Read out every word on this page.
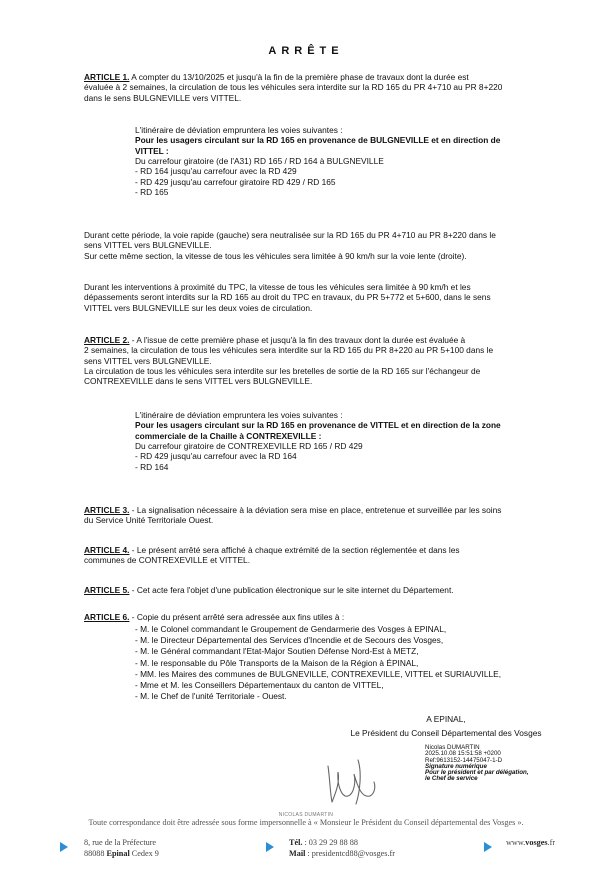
ARRÊTE

ARTICLE 1. A compter du 13/10/2025 et jusqu'à la fin de la première phase de travaux dont la durée est
évaluée à 2 semaines, la circulation de tous les véhicules sera interdite sur la RD 165 du PR 4+710 au PR 8+220
dans le sens BULGNEVILLE vers VITTEL.

L'itinéraire de déviation empruntera les voies suivantes :
Pour les usagers circulant sur la RD 165 en provenance de BULGNEVILLE et en direction de
VITTEL :
Du carrefour giratoire (de l'A31) RD 165 / RD 164 à BULGNEVILLE
- RD 164 jusqu'au carrefour avec la RD 429
- RD 429 jusqu'au carrefour giratoire RD 429 / RD 165
- RD 165

Durant cette période, la voie rapide (gauche) sera neutralisée sur la RD 165 du PR 4+710 au PR 8+220 dans le
sens VITTEL vers BULGNEVILLE.
Sur cette même section, la vitesse de tous les véhicules sera limitée à 90 km/h sur la voie lente (droite).

Durant les interventions à proximité du TPC, la vitesse de tous les véhicules sera limitée à 90 km/h et les
dépassements seront interdits sur la RD 165 au droit du TPC en travaux, du PR 5+772 et 5+600, dans le sens
VITTEL vers BULGNEVILLE sur les deux voies de circulation.

ARTICLE 2. - A l'issue de cette première phase et jusqu'à la fin des travaux dont la durée est évaluée à
2 semaines, la circulation de tous les véhicules sera interdite sur la RD 165 du PR 8+220 au PR 5+100 dans le
sens VITTEL vers BULGNEVILLE.
La circulation de tous les véhicules sera interdite sur les bretelles de sortie de la RD 165 sur l'échangeur de
CONTREXEVILLE dans le sens VITTEL vers BULGNEVILLE.

L'itinéraire de déviation empruntera les voies suivantes :
Pour les usagers circulant sur la RD 165 en provenance de VITTEL et en direction de la zone
commerciale de la Chaille à CONTREXEVILLE :
Du carrefour giratoire de CONTREXEVILLE RD 165 / RD 429
- RD 429 jusqu'au carrefour avec la RD 164
- RD 164

ARTICLE 3. - La signalisation nécessaire à la déviation sera mise en place, entretenue et surveillée par les soins
du Service Unité Territoriale Ouest.

ARTICLE 4. - Le présent arrêté sera affiché à chaque extrémité de la section réglementée et dans les
communes de CONTREXEVILLE et VITTEL.

ARTICLE 5. - Cet acte fera l'objet d'une publication électronique sur le site internet du Département.

ARTICLE 6. - Copie du présent arrêté sera adressée aux fins utiles à :

- M. le Colonel commandant le Groupement de Gendarmerie des Vosges à EPINAL,
- M. le Directeur Départemental des Services d'Incendie et de Secours des Vosges,
- M. le Général commandant l'Etat-Major Soutien Défense Nord-Est à METZ,
- M. le responsable du Pôle Transports de la Maison de la Région à ÉPINAL,
- MM. les Maires des communes de BULGNEVILLE, CONTREXEVILLE, VITTEL et SURIAUVILLE,
- Mme et M. les Conseillers Départementaux du canton de VITTEL,
- M. le Chef de l'unité Territoriale - Ouest.
A EPINAL,
Le Président du Conseil Départemental des Vosges
Nicolas DUMARTIN
2025.10.08 15:51:58 +0200
Ref:9613152-14475047-1-D
Signature numérique
Pour le président et par délégation,
le Chef de service
NICOLAS DUMARTIN
Toute correspondance doit être adressée sous forme impersonnelle à « Monsieur le Président du Conseil départemental des Vosges ».
8, rue de la Préfecture
88088 Epinal Cedex 9
Tél. : 03 29 29 88 88
Mail : presidentcd88@vosges.fr
www.vosges.fr
